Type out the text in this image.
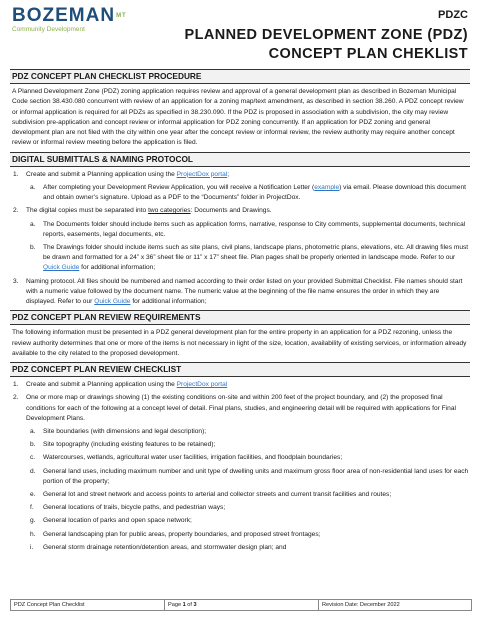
$BOZEMAN^{MT}$
Community Development
PDZC
PLANNED DEVELOPMENT ZONE (PDZ)
CONCEPT PLAN CHEKLIST
PDZ CONCEPT PLAN CHECKLIST PROCEDURE

A Planned Development Zone (PDZ) zoning application requires review and approval of a general development plan as described in Bozeman Municipal Code section 38.430.080 concurrent with review of an application for a zoning map/text amendment, as described in section 38.260. A PDZ concept review or informal application is required for all PDZs as specified in 38.230.090. If the PDZ is proposed in association with a subdivision, the city may review subdivision pre-application and concept review or informal application for PDZ zoning concurrently. If an application for PDZ zoning and general development plan are not filed with the city within one year after the concept review or informal review, the review authority may require another concept review or informal review meeting before the application is filed.

DIGITAL SUBMITTALS & NAMING PROTOCOL
1. Create and submit a Planning application using the ProjectDox portal;
a. After completing your Development Review Application, you will receive a Notification Letter (example) via email. Please download this document and obtain owner’s signature. Upload as a PDF to the “Documents” folder in ProjectDox.
2. The digital copies must be separated into two categories: Documents and Drawings.
a. The Documents folder should include items such as application forms, narrative, response to City comments, supplemental documents, technical reports, easements, legal documents, etc.
b. The Drawings folder should include items such as site plans, civil plans, landscape plans, photometric plans, elevations, etc. All drawing files must be drawn and formatted for a 24” x 36” sheet file or 11” x 17” sheet file. Plan pages shall be properly oriented in landscape mode. Refer to our Quick Guide for additional information;
3. Naming protocol. All files should be numbered and named according to their order listed on your provided Submittal Checklist. File names should start with a numeric value followed by the document name. The numeric value at the beginning of the file name ensures the order in which they are displayed. Refer to our Quick Guide for additional information;
PDZ CONCEPT PLAN REVIEW REQUIREMENTS

The following information must be presented in a PDZ general development plan for the entire property in an application for a PDZ rezoning, unless the review authority determines that one or more of the items is not necessary in light of the size, location, availability of existing services, or information already available to the city related to the proposed development.

PDZ CONCEPT PLAN REVIEW CHECKLIST
1. Create and submit a Planning application using the ProjectDox portal
2. One or more map or drawings showing (1) the existing conditions on-site and within 200 feet of the project boundary, and (2) the proposed final conditions for each of the following at a concept level of detail. Final plans, studies, and engineering detail will be required with applications for Final Development Plans.
a. Site boundaries (with dimensions and legal description);
b. Site topography (including existing features to be retained);
c. Watercourses, wetlands, agricultural water user facilities, irrigation facilities, and floodplain boundaries;
d. General land uses, including maximum number and unit type of dwelling units and maximum gross floor area of non-residential land uses for each portion of the property;
e. General lot and street network and access points to arterial and collector streets and current transit facilities and routes;
f. General locations of trails, bicycle paths, and pedestrian ways;
g. General location of parks and open space network;
h. General landscaping plan for public areas, property boundaries, and proposed street frontages;
i. General storm drainage retention/detention areas, and stormwater design plan; and
PDZ Concept Plan Checklist	Page 1 of 3	Revision Date: December 2022
